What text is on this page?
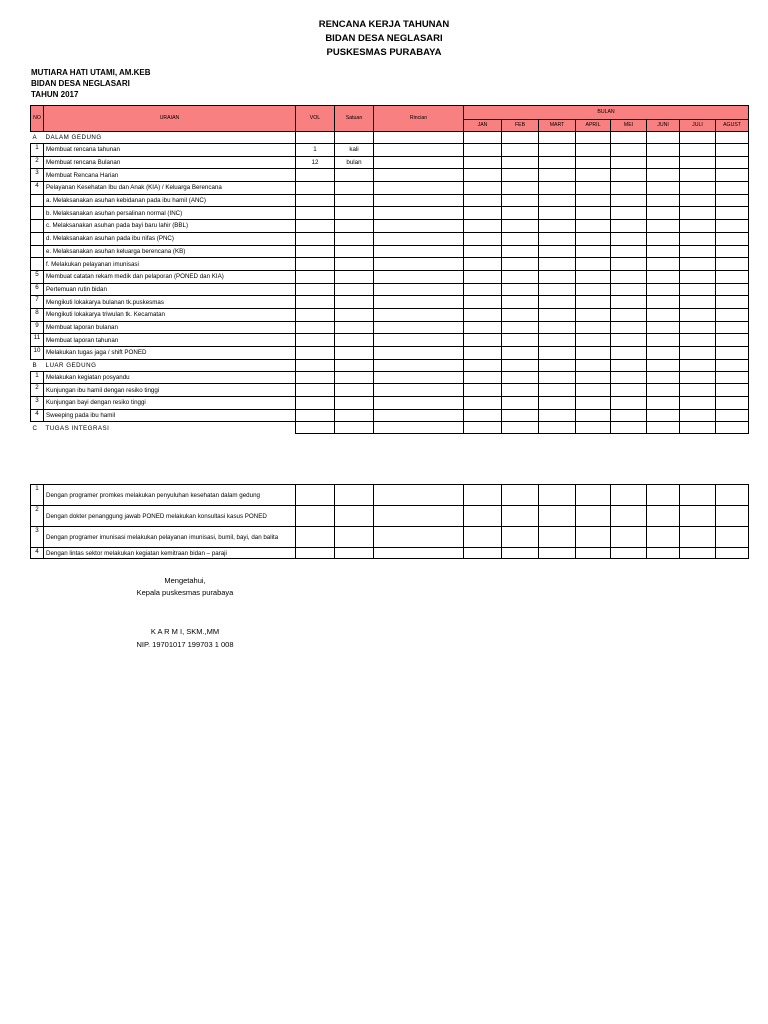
RENCANA KERJA TAHUNAN
BIDAN DESA NEGLASARI
PUSKESMAS PURABAYA
MUTIARA HATI UTAMI, AM.KEB
BIDAN DESA NEGLASARI
TAHUN 2017
NO	URAIAN	VOL	Satuan	Rincian	BULAN							
					JAN	FEB	MART	APRIL	MEI	JUNI	JULI	AGUST
A	DALAM GEDUNG											
1	Membuat rencana tahunan	1	kali									
2	Membuat rencana Bulanan	12	bulan									
3	Membuat Rencana Harian											
4	Pelayanan Kesehatan Ibu dan Anak (KIA) / Keluarga Berencana											
	a. Melaksanakan asuhan kebidanan pada ibu hamil (ANC)											
	b. Melaksanakan asuhan persalinan normal (INC)											
	c. Melaksanakan asuhan pada bayi baru lahir (BBL)											
	d. Melaksanakan asuhan pada ibu nifas (PNC)											
	e. Melaksanakan asuhan keluarga berencana (KB)											
	f. Melakukan pelayanan imunisasi											
5	Membuat catatan rekam medik dan pelaporan (PONED dan KIA)											
6	Pertemuan rutin bidan											
7	Mengikuti lokakarya bulanan tk.puskesmas											
8	Mengikuti lokakarya triwulan tk. Kecamatan											
9	Membuat laporan bulanan											
11	Membuat laporan tahunan											
10	Melakukan tugas jaga / shift PONED											
B	LUAR GEDUNG											
1	Melakukan kegiatan posyandu											
2	Kunjungan ibu hamil dengan resiko tinggi											
3	Kunjungan bayi dengan resiko tinggi											
4	Sweeping pada ibu hamil											
C	TUGAS INTEGRASI											
1	Dengan programer promkes melakukan penyuluhan kesehatan dalam gedung											
2	Dengan dokter penanggung jawab PONED melakukan konsultasi kasus PONED											
3	Dengan programer imunisasi melakukan pelayanan imunisasi, bumil, bayi, dan balita											
4	Dengan lintas sektor melakukan kegiatan kemitraan bidan – paraji											
Mengetahui,
Kepala puskesmas purabaya
K A R M I, SKM.,MM
NIP. 19701017 199703 1 008
